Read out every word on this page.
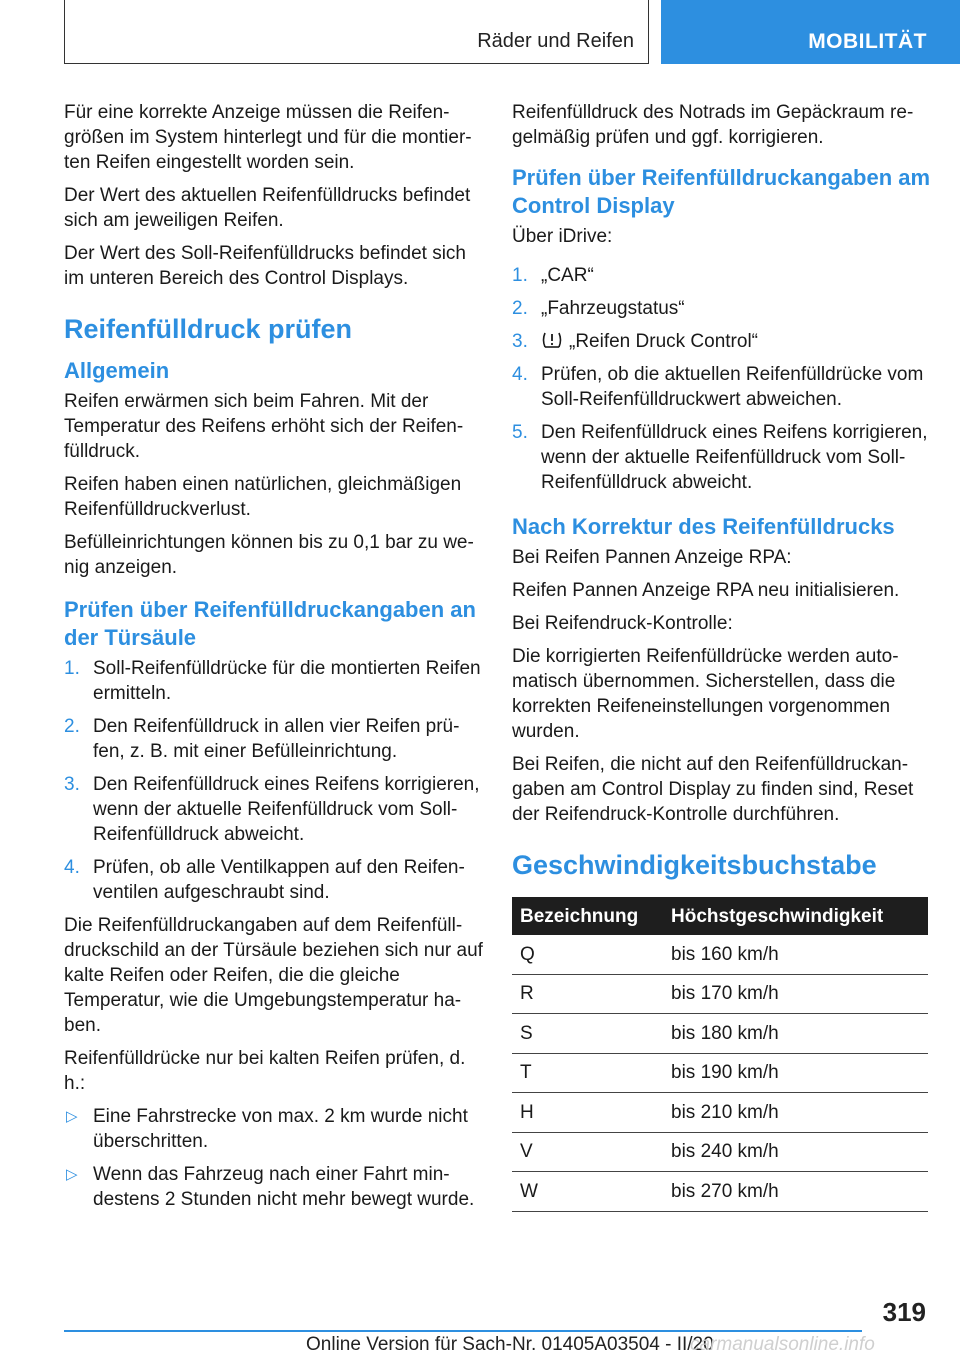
Räder und Reifen	MOBILITÄT

Für eine korrekte Anzeige müssen die Reifengrößen im System hinterlegt und für die montierten Reifen eingestellt worden sein.

Der Wert des aktuellen Reifenfülldrucks befindet sich am jeweiligen Reifen.

Der Wert des Soll-Reifenfülldrucks befindet sich im unteren Bereich des Control Displays.

Reifenfülldruck prüfen
Allgemein

Reifen erwärmen sich beim Fahren. Mit der Temperatur des Reifens erhöht sich der Reifenfülldruck.

Reifen haben einen natürlichen, gleichmäßigen Reifenfülldruckverlust.

Befülleinrichtungen können bis zu 0,1 bar zu wenig anzeigen.

Prüfen über Reifenfülldruckangaben an der Türsäule
1. Soll-Reifenfülldrücke für die montierten Reifen ermitteln.
2. Den Reifenfülldruck in allen vier Reifen prüfen, z. B. mit einer Befülleinrichtung.
3. Den Reifenfülldruck eines Reifens korrigieren, wenn der aktuelle Reifenfülldruck vom Soll-Reifenfülldruck abweicht.
4. Prüfen, ob alle Ventilkappen auf den Reifenventilen aufgeschraubt sind.

Die Reifenfülldruckangaben auf dem Reifenfülldruckschild an der Türsäule beziehen sich nur auf kalte Reifen oder Reifen, die die gleiche Temperatur, wie die Umgebungstemperatur haben.

Reifenfülldrücke nur bei kalten Reifen prüfen, d. h.:

▷ Eine Fahrstrecke von max. 2 km wurde nicht überschritten.
▷ Wenn das Fahrzeug nach einer Fahrt mindestens 2 Stunden nicht mehr bewegt wurde.

Reifenfülldruck des Notrads im Gepäckraum regelmäßig prüfen und ggf. korrigieren.

Prüfen über Reifenfülldruckangaben am Control Display

Über iDrive:

1. „CAR“
2. „Fahrzeugstatus“
3. „Reifen Druck Control“
4. Prüfen, ob die aktuellen Reifenfülldrücke vom Soll-Reifenfülldruckwert abweichen.
5. Den Reifenfülldruck eines Reifens korrigieren, wenn der aktuelle Reifenfülldruck vom Soll-Reifenfülldruck abweicht.
Nach Korrektur des Reifenfülldrucks

Bei Reifen Pannen Anzeige RPA:

Reifen Pannen Anzeige RPA neu initialisieren.

Bei Reifendruck-Kontrolle:

Die korrigierten Reifenfülldrücke werden automatisch übernommen. Sicherstellen, dass die korrekten Reifeneinstellungen vorgenommen wurden.

Bei Reifen, die nicht auf den Reifenfülldruckangaben am Control Display zu finden sind, Reset der Reifendruck-Kontrolle durchführen.

Geschwindigkeitsbuchstabe
Bezeichnung	Höchstgeschwindigkeit
Q	bis 160 km/h
R	bis 170 km/h
S	bis 180 km/h
T	bis 190 km/h
H	bis 210 km/h
V	bis 240 km/h
W	bis 270 km/h
319
Online Version für Sach-Nr. 01405A03504 - II/20
carmanualsonline.info
